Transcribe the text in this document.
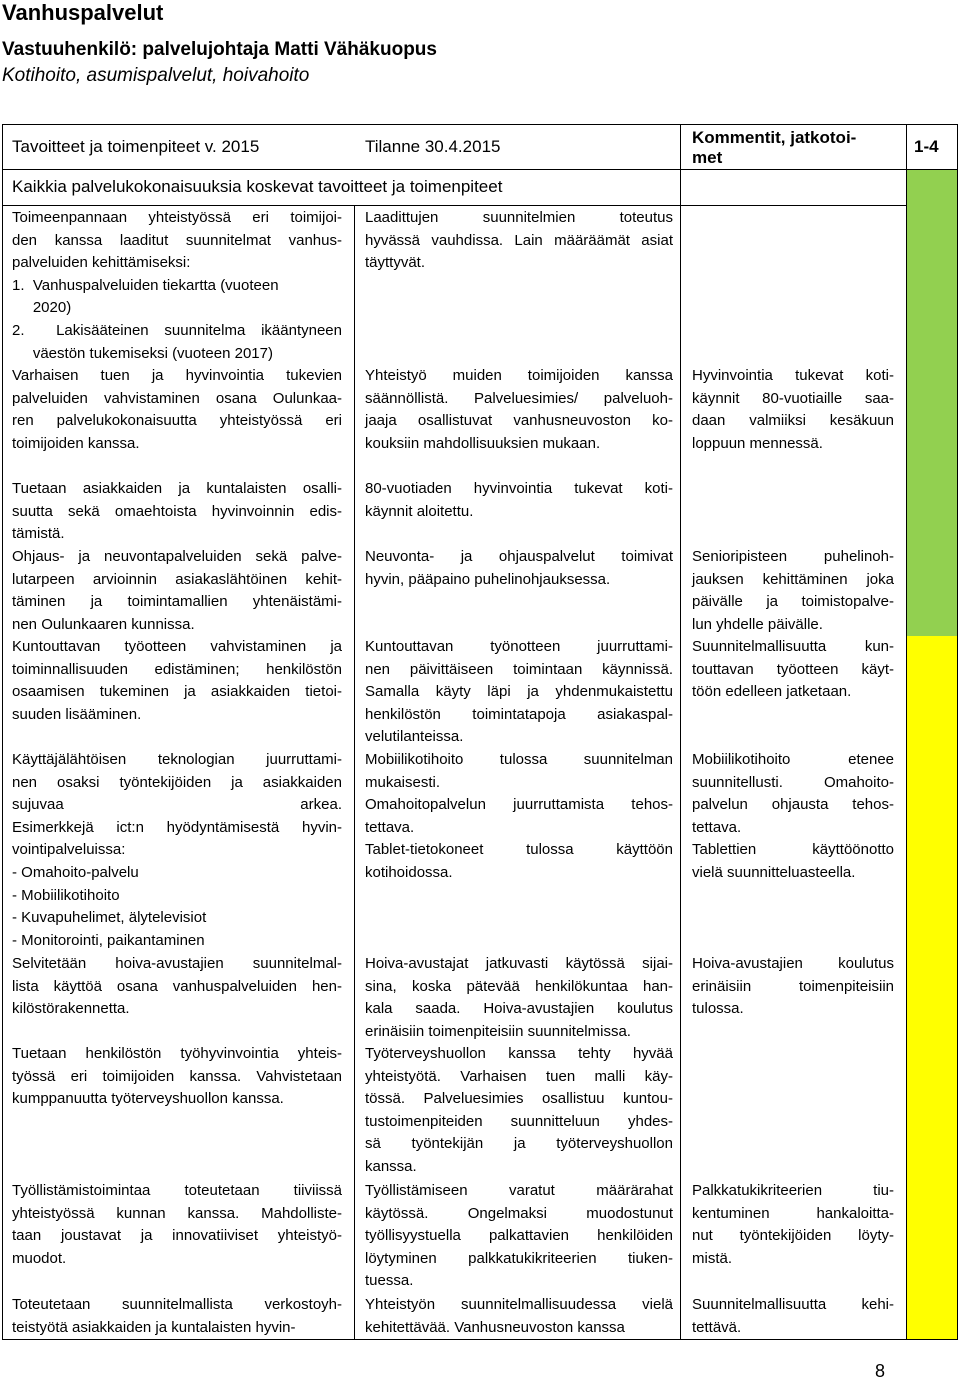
Vanhuspalvelut
Vastuuhenkilö: palvelujohtaja Matti Vähäkuopus
Kotihoito, asumispalvelut, hoivahoito
Tavoitteet ja toimenpiteet v. 2015	Tilanne 30.4.2015	Kommentit, jatkotoi-
met
1-4
Kaikkia palvelukokonaisuuksia koskevat tavoitteet ja toimenpiteet

Toimeenpannaan yhteistyössä eri toimijoi-

den kanssa laaditut suunnitelmat vanhus-

palveluiden kehittämiseksi:

1.  Vanhuspalveluiden tiekartta (vuoteen

2020)

2.  Lakisääteinen suunnitelma ikääntyneen

väestön tukemiseksi (vuoteen 2017)

Laadittujen suunnitelmien toteutus

hyvässä vauhdissa. Lain määräämät asiat

täyttyvät.

Varhaisen tuen ja hyvinvointia tukevien

palveluiden vahvistaminen osana Oulunkaa-

ren palvelukokonaisuutta yhteistyössä eri

toimijoiden kanssa.

Tuetaan asiakkaiden ja kuntalaisten osalli-

suutta sekä omaehtoista hyvinvoinnin edis-

tämistä.

Yhteistyö muiden toimijoiden kanssa

säännöllistä. Palveluesimies/ palveluoh-

jaaja osallistuvat vanhusneuvoston ko-

kouksiin mahdollisuuksien mukaan.

80-vuotiaden hyvinvointia tukevat koti-

käynnit aloitettu.

Hyvinvointia tukevat koti-

käynnit 80-vuotiaille saa-

daan valmiiksi kesäkuun

loppuun mennessä.

Ohjaus- ja neuvontapalveluiden sekä palve-

lutarpeen arvioinnin asiakaslähtöinen kehit-

täminen ja toimintamallien yhtenäistämi-

nen Oulunkaaren kunnissa.

Neuvonta-  ja  ohjauspalvelut  toimivat

hyvin, pääpaino puhelinohjauksessa.

Senioripisteen puhelinoh-

jauksen kehittäminen joka

päivälle ja toimistopalve-

lun yhdelle päivälle.

Kuntouttavan työotteen vahvistaminen ja

toiminnallisuuden edistäminen; henkilöstön

osaamisen tukeminen ja asiakkaiden tietoi-

suuden lisääminen.

Kuntouttavan työnotteen juurruttami-

nen päivittäiseen toimintaan käynnissä.

Samalla käyty läpi ja yhdenmukaistettu

henkilöstön toimintatapoja asiakaspal-

velutilanteissa.

Suunnitelmallisuutta kun-

touttavan työotteen käyt-

töön edelleen jatketaan.

Käyttäjälähtöisen teknologian juurruttami-

nen osaksi työntekijöiden ja asiakkaiden

sujuvaa arkea.

Esimerkkejä ict:n hyödyntämisestä hyvin-

vointipalveluissa:

- Omahoito-palvelu

- Mobiilikotihoito

- Kuvapuhelimet, älytelevisiot

- Monitorointi, paikantaminen

Mobiilikotihoito tulossa suunnitelman

mukaisesti.

Omahoitopalvelun juurruttamista tehos-

tettava.

Tablet-tietokoneet tulossa käyttöön

kotihoidossa.

Mobiilikotihoito      etenee

suunnitellusti. Omahoito-

palvelun ohjausta tehos-

tettava.

Tablettien     käyttöönotto

vielä suunnitteluasteella.

Selvitetään hoiva-avustajien suunnitelmal-

lista käyttöä osana vanhuspalveluiden hen-

kilöstörakennetta.

Hoiva-avustajat jatkuvasti käytössä sijai-

sina, koska pätevää henkilökuntaa han-

kala saada. Hoiva-avustajien koulutus

erinäisiin toimenpiteisiin suunnitelmissa.

Hoiva-avustajien koulutus

erinäisiin    toimenpiteisiin

tulossa.

Tuetaan henkilöstön työhyvinvointia yhteis-

työssä eri toimijoiden kanssa. Vahvistetaan

kumppanuutta työterveyshuollon kanssa.

Työterveyshuollon kanssa tehty hyvää

yhteistyötä. Varhaisen tuen malli käy-

tössä. Palveluesimies osallistuu kuntou-

tustoimenpiteiden suunnitteluun yhdes-

sä työntekijän ja työterveyshuollon

kanssa.

Työllistämistoimintaa toteutetaan tiiviissä

yhteistyössä kunnan kanssa. Mahdolliste-

taan joustavat ja innovatiiviset yhteistyö-

muodot.

Työllistämiseen  varatut  määrärahat

käytössä. Ongelmaksi muodostunut

työllisyystuella palkattavien henkilöiden

löytyminen palkkatukikriteerien tiuken-

tuessa.

Palkkatukikriteerien tiu-

kentuminen hankaloitta-

nut työntekijöiden löyty-

mistä.

Toteutetaan suunnitelmallista verkostoyh-

teistyötä asiakkaiden ja kuntalaisten hyvin-

Yhteistyön suunnitelmallisuudessa vielä

kehitettävää. Vanhusneuvoston kanssa

Suunnitelmallisuutta kehi-

tettävä.

8
